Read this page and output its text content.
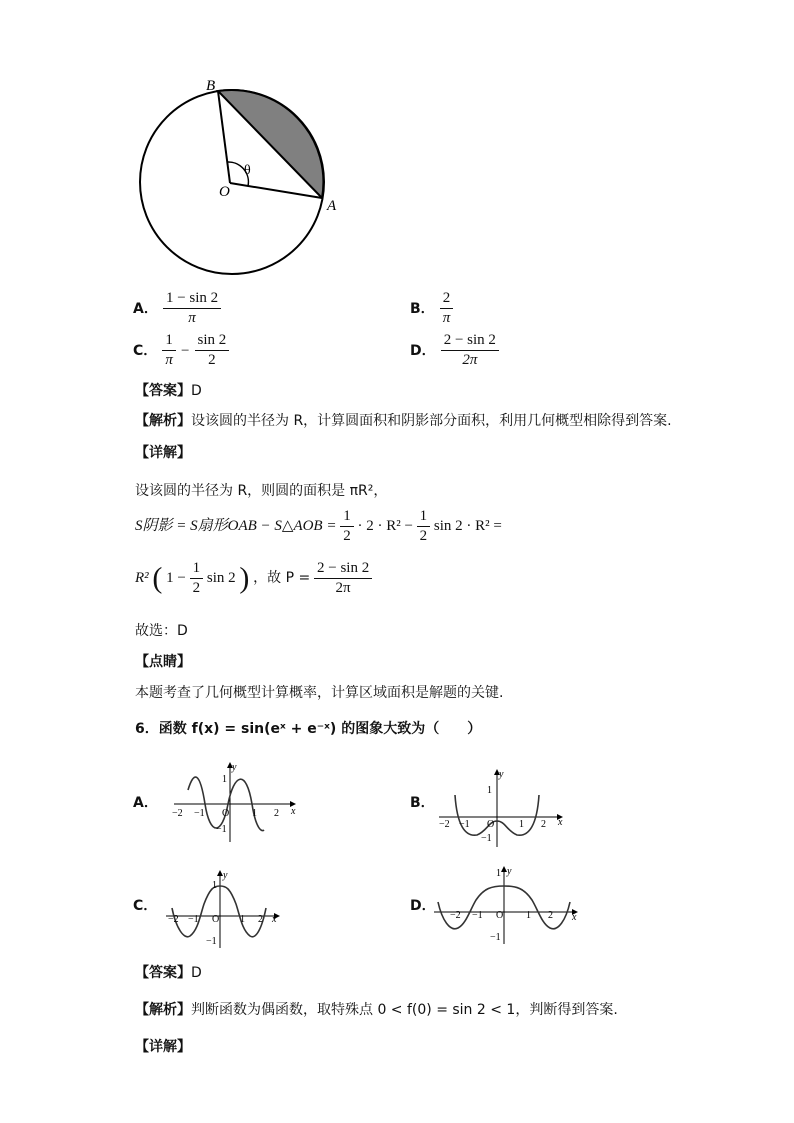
B
O
A
θ
A． $\frac{1 - \sin 2}{\pi}$	B． $\frac{2}{\pi}$
C． $\frac{1}{\pi} - \frac{\sin 2}{2}$	D． $\frac{2 - \sin 2}{2\pi}$
【答案】D
【解析】设该圆的半径为 R，计算圆面积和阴影部分面积，利用几何概型相除得到答案.
【详解】
设该圆的半径为 R，则圆的面积是 πR²，
S阴影 = S扇形OAB − S△AOB = $\frac{1}{2} \cdot 2 \cdot R^2 - \frac{1}{2}$ sin 2 · R² =
R² ( $1 - \frac{1}{2}$ sin 2 ) ，故 $P = \frac{2 - \sin 2}{2\pi}$
故选：D
【点睛】
本题考查了几何概型计算概率，计算区域面积是解题的关键.
6．函数 f(x) = sin(eˣ + e⁻ˣ) 的图象大致为（　　）
A．
y
x
1
−1
−2 −1 O 1 2
B．
y
x
1
−1
−2 −1 O 1 2
C．
y
x
1
−1
−2 −1 O 1 2
D．
y
x
1
−1
−2 −1 O 1 2
【答案】D
【解析】判断函数为偶函数，取特殊点 0 < f(0) = sin 2 < 1，判断得到答案.
【详解】
